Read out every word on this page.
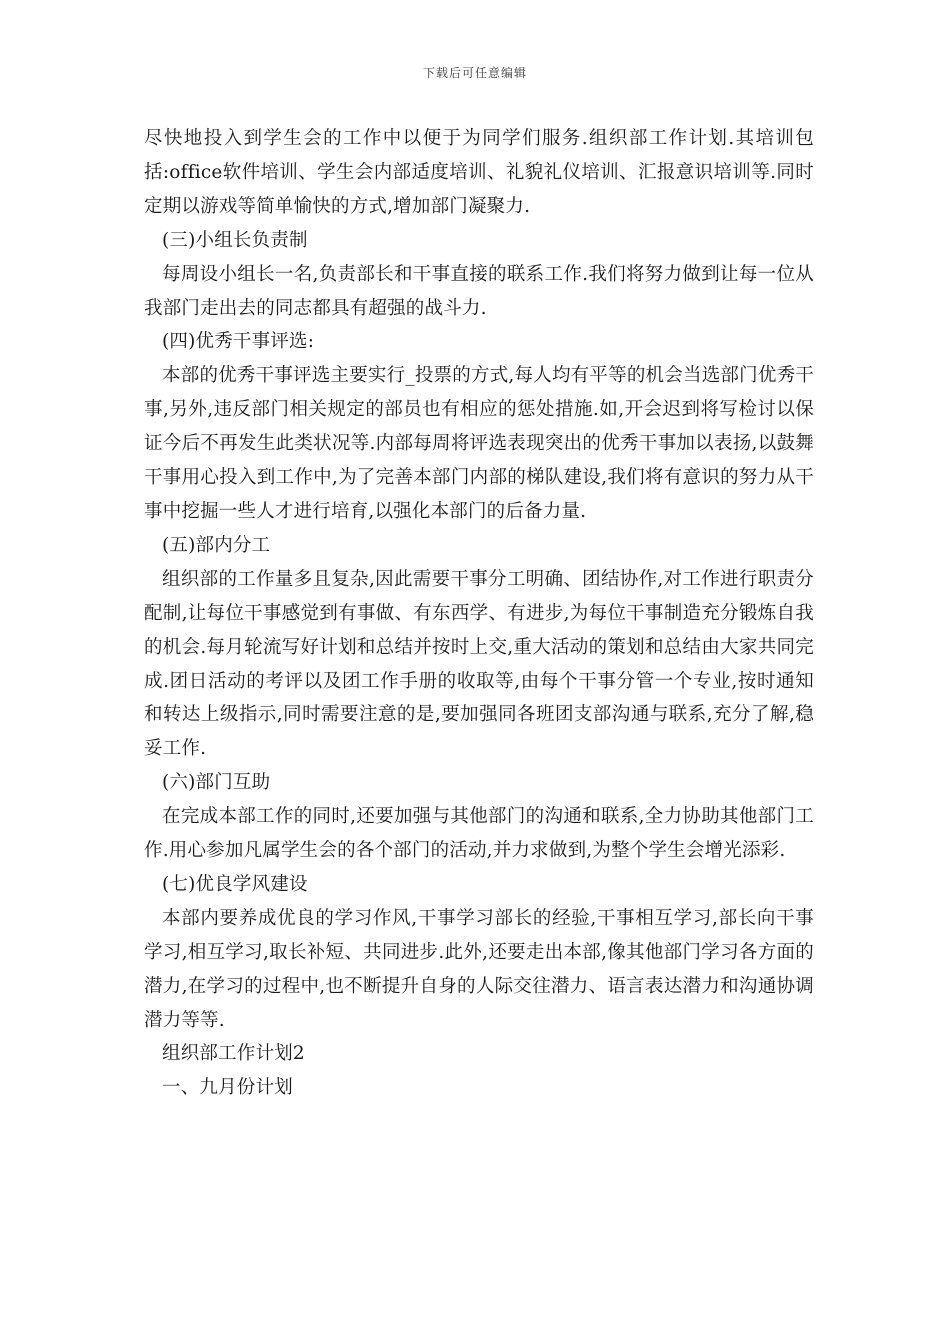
下载后可任意编辑

尽快地投入到学生会的工作中以便于为同学们服务.组织部工作计划.其培训包括:office软件培训、学生会内部适度培训、礼貌礼仪培训、汇报意识培训等.同时定期以游戏等简单愉快的方式,增加部门凝聚力.

(三)小组长负责制

每周设小组长一名,负责部长和干事直接的联系工作.我们将努力做到让每一位从我部门走出去的同志都具有超强的战斗力.

(四)优秀干事评选:

本部的优秀干事评选主要实行_投票的方式,每人均有平等的机会当选部门优秀干事,另外,违反部门相关规定的部员也有相应的惩处措施.如,开会迟到将写检讨以保证今后不再发生此类状况等.内部每周将评选表现突出的优秀干事加以表扬,以鼓舞干事用心投入到工作中,为了完善本部门内部的梯队建设,我们将有意识的努力从干事中挖掘一些人才进行培育,以强化本部门的后备力量.

(五)部内分工

组织部的工作量多且复杂,因此需要干事分工明确、团结协作,对工作进行职责分配制,让每位干事感觉到有事做、有东西学、有进步,为每位干事制造充分锻炼自我的机会.每月轮流写好计划和总结并按时上交,重大活动的策划和总结由大家共同完成.团日活动的考评以及团工作手册的收取等,由每个干事分管一个专业,按时通知和转达上级指示,同时需要注意的是,要加强同各班团支部沟通与联系,充分了解,稳妥工作.

(六)部门互助

在完成本部工作的同时,还要加强与其他部门的沟通和联系,全力协助其他部门工作.用心参加凡属学生会的各个部门的活动,并力求做到,为整个学生会增光添彩.

(七)优良学风建设

本部内要养成优良的学习作风,干事学习部长的经验,干事相互学习,部长向干事学习,相互学习,取长补短、共同进步.此外,还要走出本部,像其他部门学习各方面的潜力,在学习的过程中,也不断提升自身的人际交往潜力、语言表达潜力和沟通协调潜力等等.

组织部工作计划2

一、九月份计划
